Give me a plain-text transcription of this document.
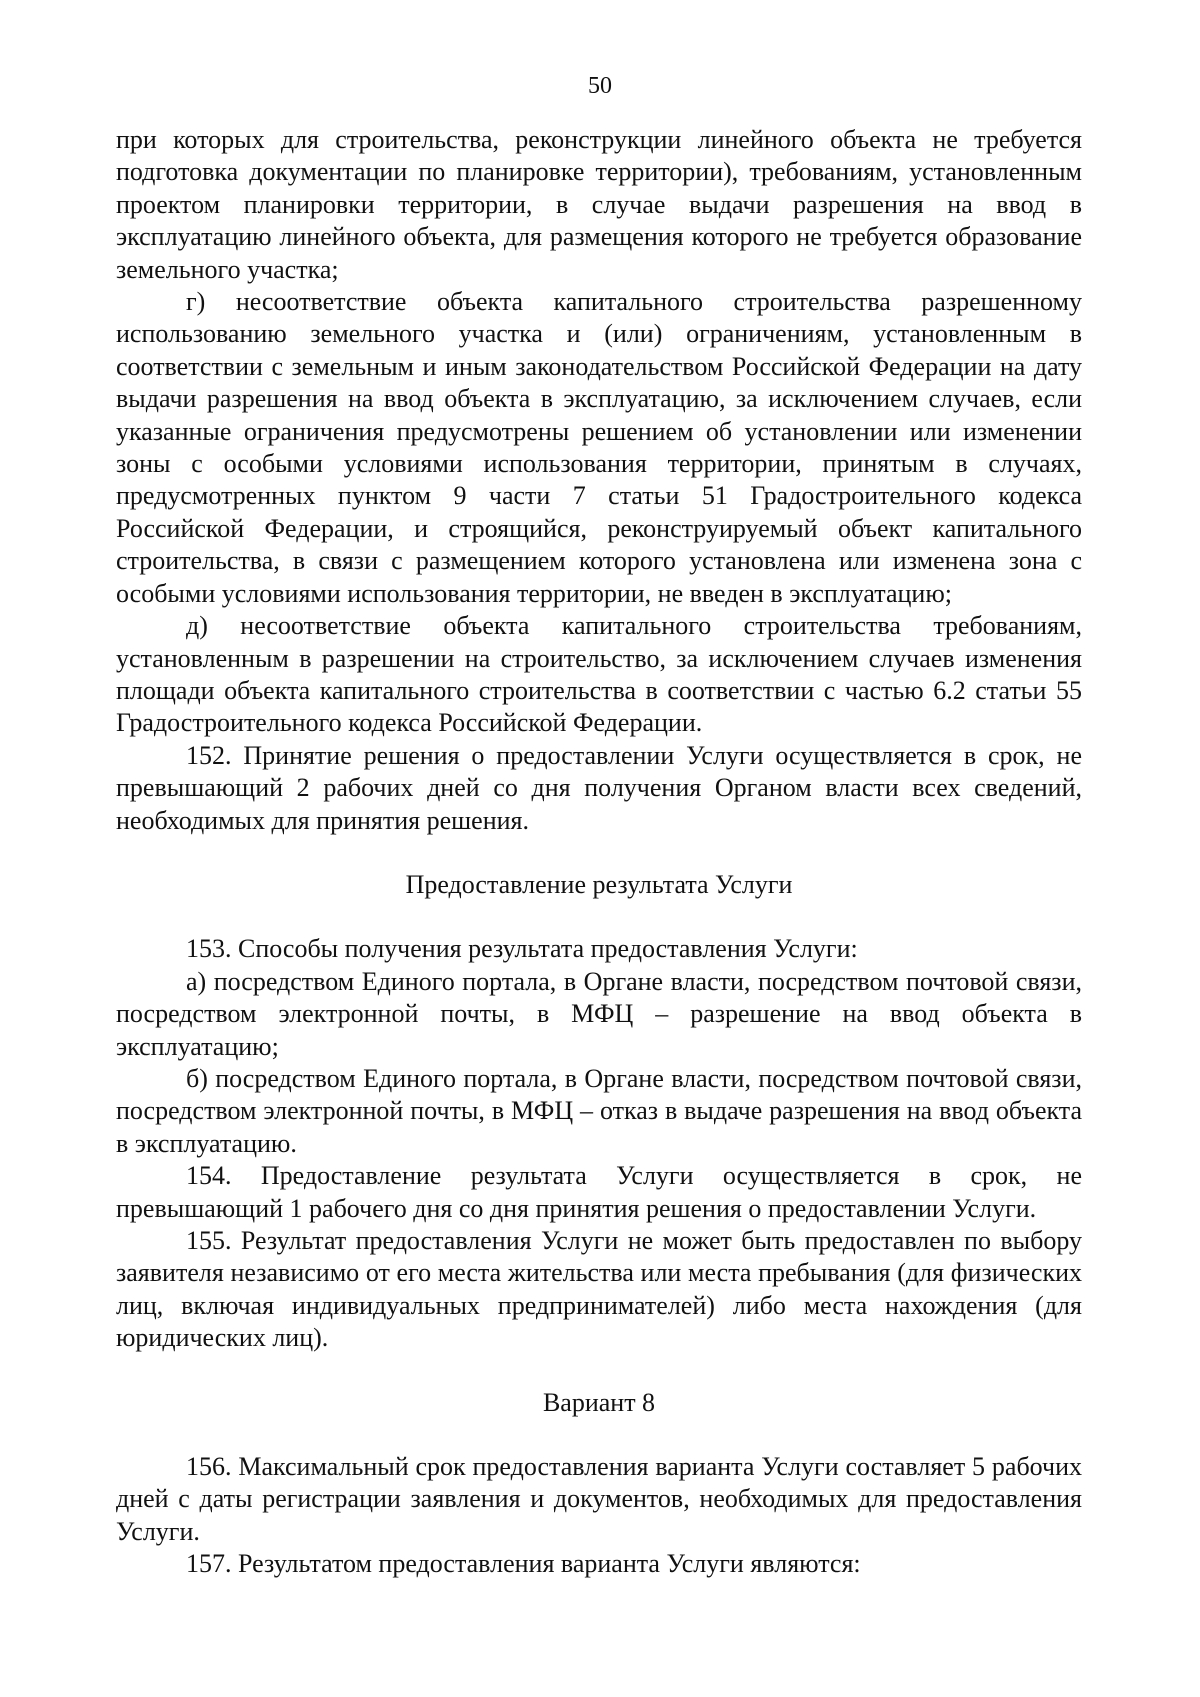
50

при которых для строительства, реконструкции линейного объекта не требуется подготовка документации по планировке территории), требованиям, установленным проектом планировки территории, в случае выдачи разрешения на ввод в эксплуатацию линейного объекта, для размещения которого не требуется образование земельного участка;

г) несоответствие объекта капитального строительства разрешенному использованию земельного участка и (или) ограничениям, установленным в соответствии с земельным и иным законодательством Российской Федерации на дату выдачи разрешения на ввод объекта в эксплуатацию, за исключением случаев, если указанные ограничения предусмотрены решением об установлении или изменении зоны с особыми условиями использования территории, принятым в случаях, предусмотренных пунктом 9 части 7 статьи 51 Градостроительного кодекса Российской Федерации, и строящийся, реконструируемый объект капитального строительства, в связи с размещением которого установлена или изменена зона с особыми условиями использования территории, не введен в эксплуатацию;

д) несоответствие объекта капитального строительства требованиям, установленным в разрешении на строительство, за исключением случаев изменения площади объекта капитального строительства в соответствии с частью 6.2 статьи 55 Градостроительного кодекса Российской Федерации.

152. Принятие решения о предоставлении Услуги осуществляется в срок, не превышающий 2 рабочих дней со дня получения Органом власти всех сведений, необходимых для принятия решения.

Предоставление результата Услуги

153. Способы получения результата предоставления Услуги:

а) посредством Единого портала, в Органе власти, посредством почтовой связи, посредством электронной почты, в МФЦ – разрешение на ввод объекта в эксплуатацию;

б) посредством Единого портала, в Органе власти, посредством почтовой связи, посредством электронной почты, в МФЦ – отказ в выдаче разрешения на ввод объекта в эксплуатацию.

154. Предоставление результата Услуги осуществляется в срок, не превышающий 1 рабочего дня со дня принятия решения о предоставлении Услуги.

155. Результат предоставления Услуги не может быть предоставлен по выбору заявителя независимо от его места жительства или места пребывания (для физических лиц, включая индивидуальных предпринимателей) либо места нахождения (для юридических лиц).

Вариант 8

156. Максимальный срок предоставления варианта Услуги составляет 5 рабочих дней с даты регистрации заявления и документов, необходимых для предоставления Услуги.

157. Результатом предоставления варианта Услуги являются:
